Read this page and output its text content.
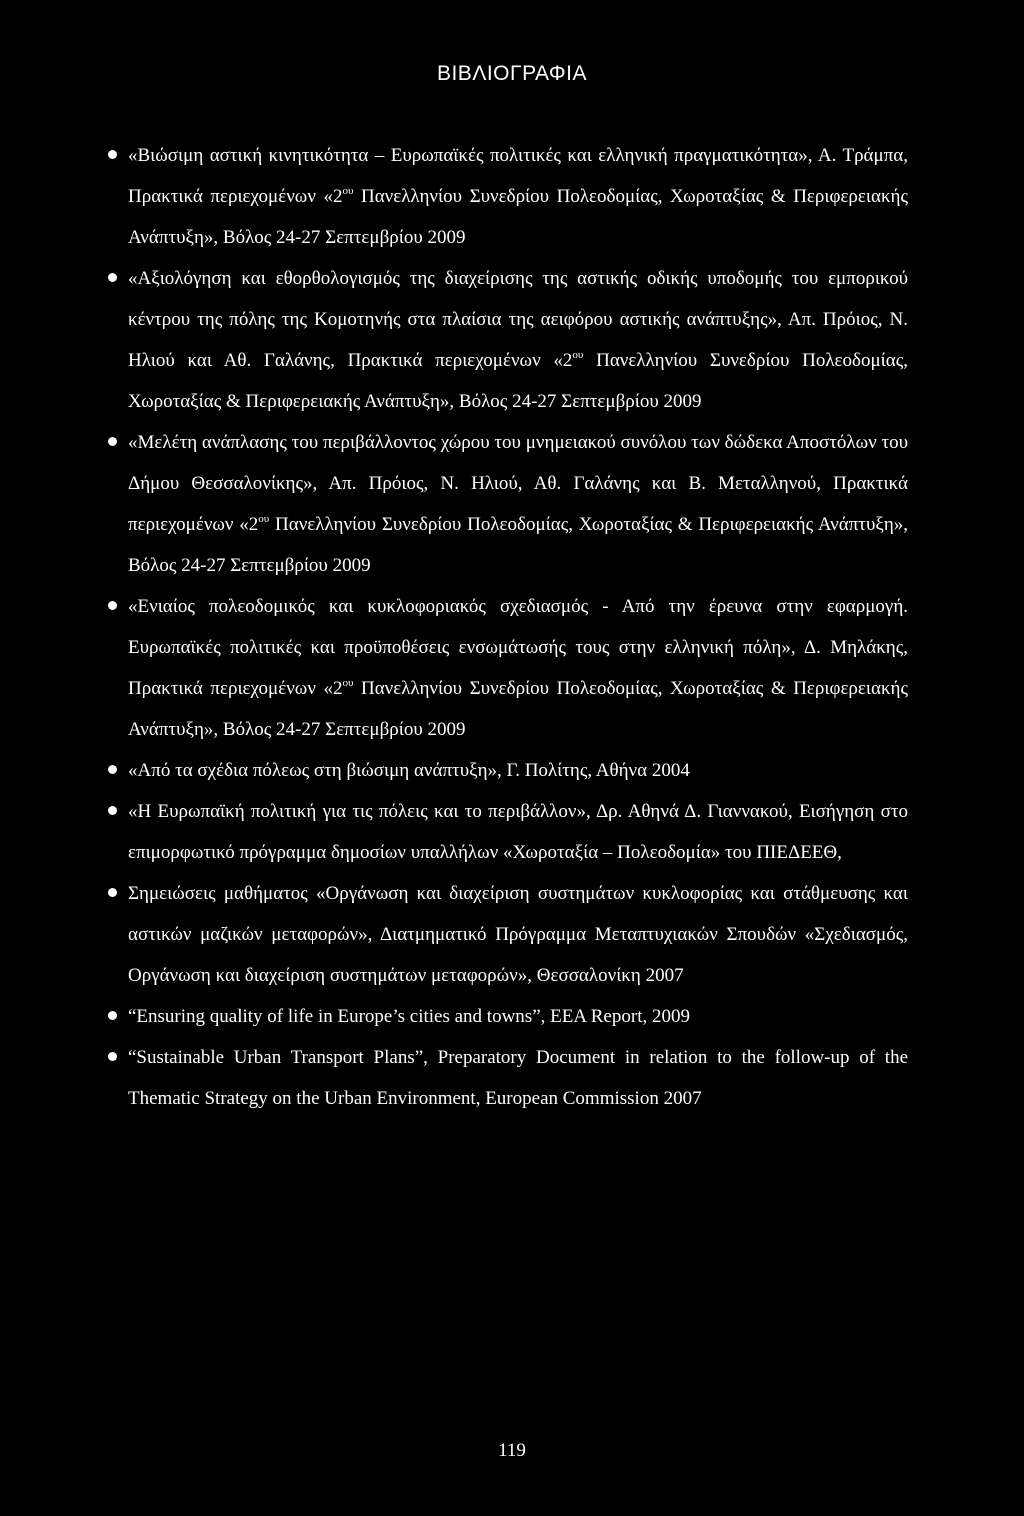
ΒΙΒΛΙΟΓΡΑΦΙΑ
«Βιώσιμη αστική κινητικότητα – Ευρωπαϊκές πολιτικές και ελληνική πραγματικότητα», Α. Τράμπα, Πρακτικά περιεχομένων «$2^{o\upsilon}$ Πανελληνίου Συνεδρίου Πολεοδομίας, Χωροταξίας & Περιφερειακής Ανάπτυξη», Βόλος 24-27 Σεπτεμβρίου 2009
«Αξιολόγηση και εθορθολογισμός της διαχείρισης της αστικής οδικής υποδομής του εμπορικού κέντρου της πόλης της Κομοτηνής στα πλαίσια της αειφόρου αστικής ανάπτυξης», Απ. Πρόιος, Ν. Ηλιού και Αθ. Γαλάνης, Πρακτικά περιεχομένων «$2^{o\upsilon}$ Πανελληνίου Συνεδρίου Πολεοδομίας, Χωροταξίας & Περιφερειακής Ανάπτυξη», Βόλος 24-27 Σεπτεμβρίου 2009
«Μελέτη ανάπλασης του περιβάλλοντος χώρου του μνημειακού συνόλου των δώδεκα Αποστόλων του Δήμου Θεσσαλονίκης», Απ. Πρόιος, Ν. Ηλιού, Αθ. Γαλάνης και Β. Μεταλληνού, Πρακτικά περιεχομένων «$2^{o\upsilon}$ Πανελληνίου Συνεδρίου Πολεοδομίας, Χωροταξίας & Περιφερειακής Ανάπτυξη», Βόλος 24-27 Σεπτεμβρίου 2009
«Ενιαίος πολεοδομικός και κυκλοφοριακός σχεδιασμός - Από την έρευνα στην εφαρμογή. Ευρωπαϊκές πολιτικές και προϋποθέσεις ενσωμάτωσής τους στην ελληνική πόλη», Δ. Μηλάκης, Πρακτικά περιεχομένων «$2^{o\upsilon}$ Πανελληνίου Συνεδρίου Πολεοδομίας, Χωροταξίας & Περιφερειακής Ανάπτυξη», Βόλος 24-27 Σεπτεμβρίου 2009
«Από τα σχέδια πόλεως στη βιώσιμη ανάπτυξη», Γ. Πολίτης, Αθήνα 2004
«Η Ευρωπαϊκή πολιτική για τις πόλεις και το περιβάλλον», Δρ. Αθηνά Δ. Γιαννακού, Εισήγηση στο επιμορφωτικό πρόγραμμα δημοσίων υπαλλήλων «Χωροταξία – Πολεοδομία» του ΠΙΕΔΕΕΘ,
Σημειώσεις μαθήματος «Οργάνωση και διαχείριση συστημάτων κυκλοφορίας και στάθμευσης και αστικών μαζικών μεταφορών», Διατμηματικό Πρόγραμμα Μεταπτυχιακών Σπουδών «Σχεδιασμός, Οργάνωση και διαχείριση συστημάτων μεταφορών», Θεσσαλονίκη 2007
“Ensuring quality of life in Europe’s cities and towns”, EEA Report, 2009
“Sustainable Urban Transport Plans”, Preparatory Document in relation to the follow-up of the Thematic Strategy on the Urban Environment, European Commission 2007
119
